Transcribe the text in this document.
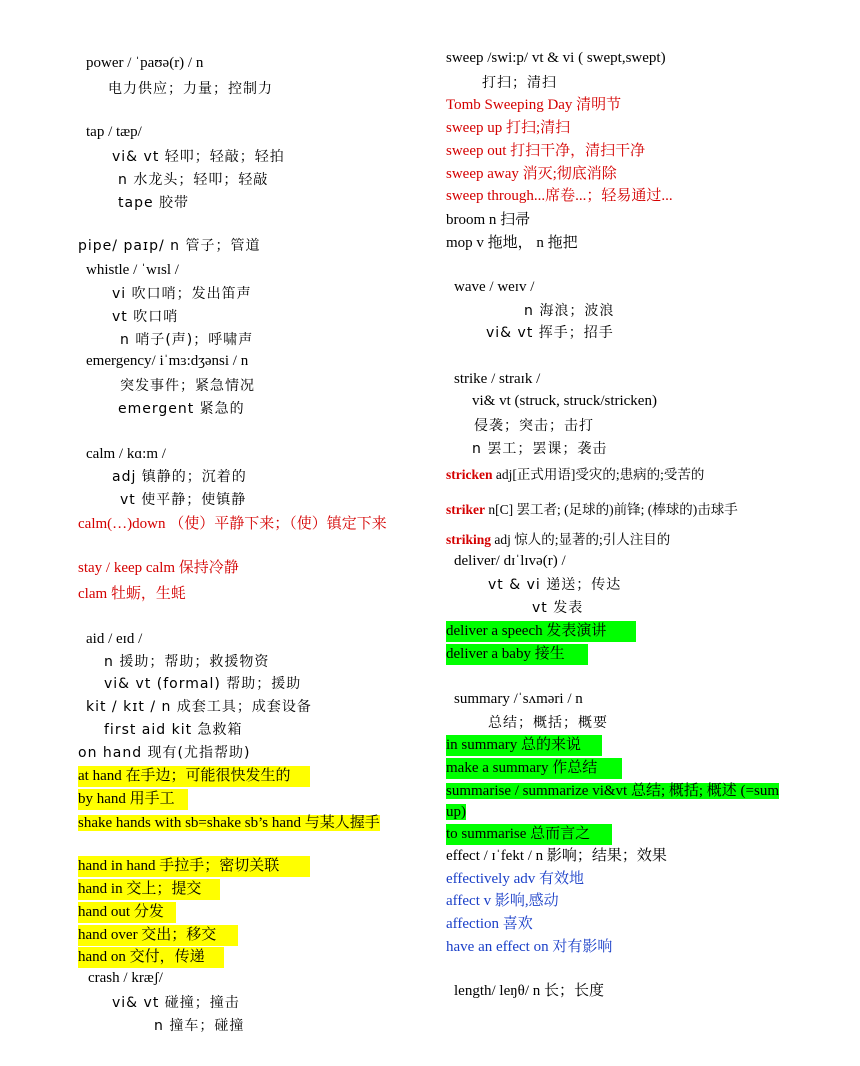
power / ˈpaʊə(r) / n
电力供应；力量；控制力
tap / tæp/
vi& vt 轻叩；轻敲；轻拍
n 水龙头；轻叩；轻敲
tape 胶带
pipe/ paɪp/ n 管子；管道
whistle / ˈwɪsl /
vi 吹口哨；发出笛声
vt 吹口哨
n 哨子(声)；呼啸声
emergency/ iˈmɜ:dʒənsi / n
突发事件；紧急情况
emergent 紧急的
calm / kɑ:m /
adj 镇静的；沉着的
vt 使平静；使镇静
calm(…)down （使）平静下来；（使）镇定下来
stay / keep calm 保持冷静
clam 牡蛎，生蚝
aid / eɪd /
n 援助；帮助；救援物资
vi& vt (formal) 帮助；援助
kit / kɪt / n 成套工具；成套设备
first aid kit 急救箱
on hand 现有(尤指帮助)
at hand 在手边；可能很快发生的
by hand 用手工
shake hands with sb=shake sb’s hand 与某人握手
hand in hand 手拉手；密切关联
hand in 交上；提交
hand out 分发
hand over 交出；移交
hand on 交付，传递
crash / kræʃ/
vi& vt 碰撞；撞击
n 撞车；碰撞
sweep /swi:p/ vt & vi ( swept,swept)
打扫；清扫
Tomb Sweeping Day 清明节
sweep up 打扫;清扫
sweep out 打扫干净，清扫干净
sweep away 消灭;彻底消除
sweep through...席卷...；轻易通过...
broom n 扫帚
mop v 拖地， n 拖把
wave / weɪv /
n 海浪；波浪
vi& vt 挥手；招手
strike / straɪk /
vi& vt (struck, struck/stricken)
侵袭；突击；击打
n 罢工；罢课；袭击
stricken adj[正式用语]受灾的;患病的;受苦的
striker n[C] 罢工者; (足球的)前锋; (棒球的)击球手
striking adj 惊人的;显著的;引人注目的
deliver/ dɪˈlɪvə(r) /
vt & vi 递送；传达
vt 发表
deliver a speech 发表演讲
deliver a baby 接生
summary /ˈsʌməri / n
总结；概括；概要
in summary 总的来说
make a summary 作总结
summarise / summarize vi&vt 总结; 概括; 概述 (=sum up)
to summarise 总而言之
effect / ɪˈfekt / n 影响；结果；效果
effectively adv 有效地
affect v 影响,感动
affection 喜欢
have an effect on 对有影响
length/ leŋθ/ n 长；长度
